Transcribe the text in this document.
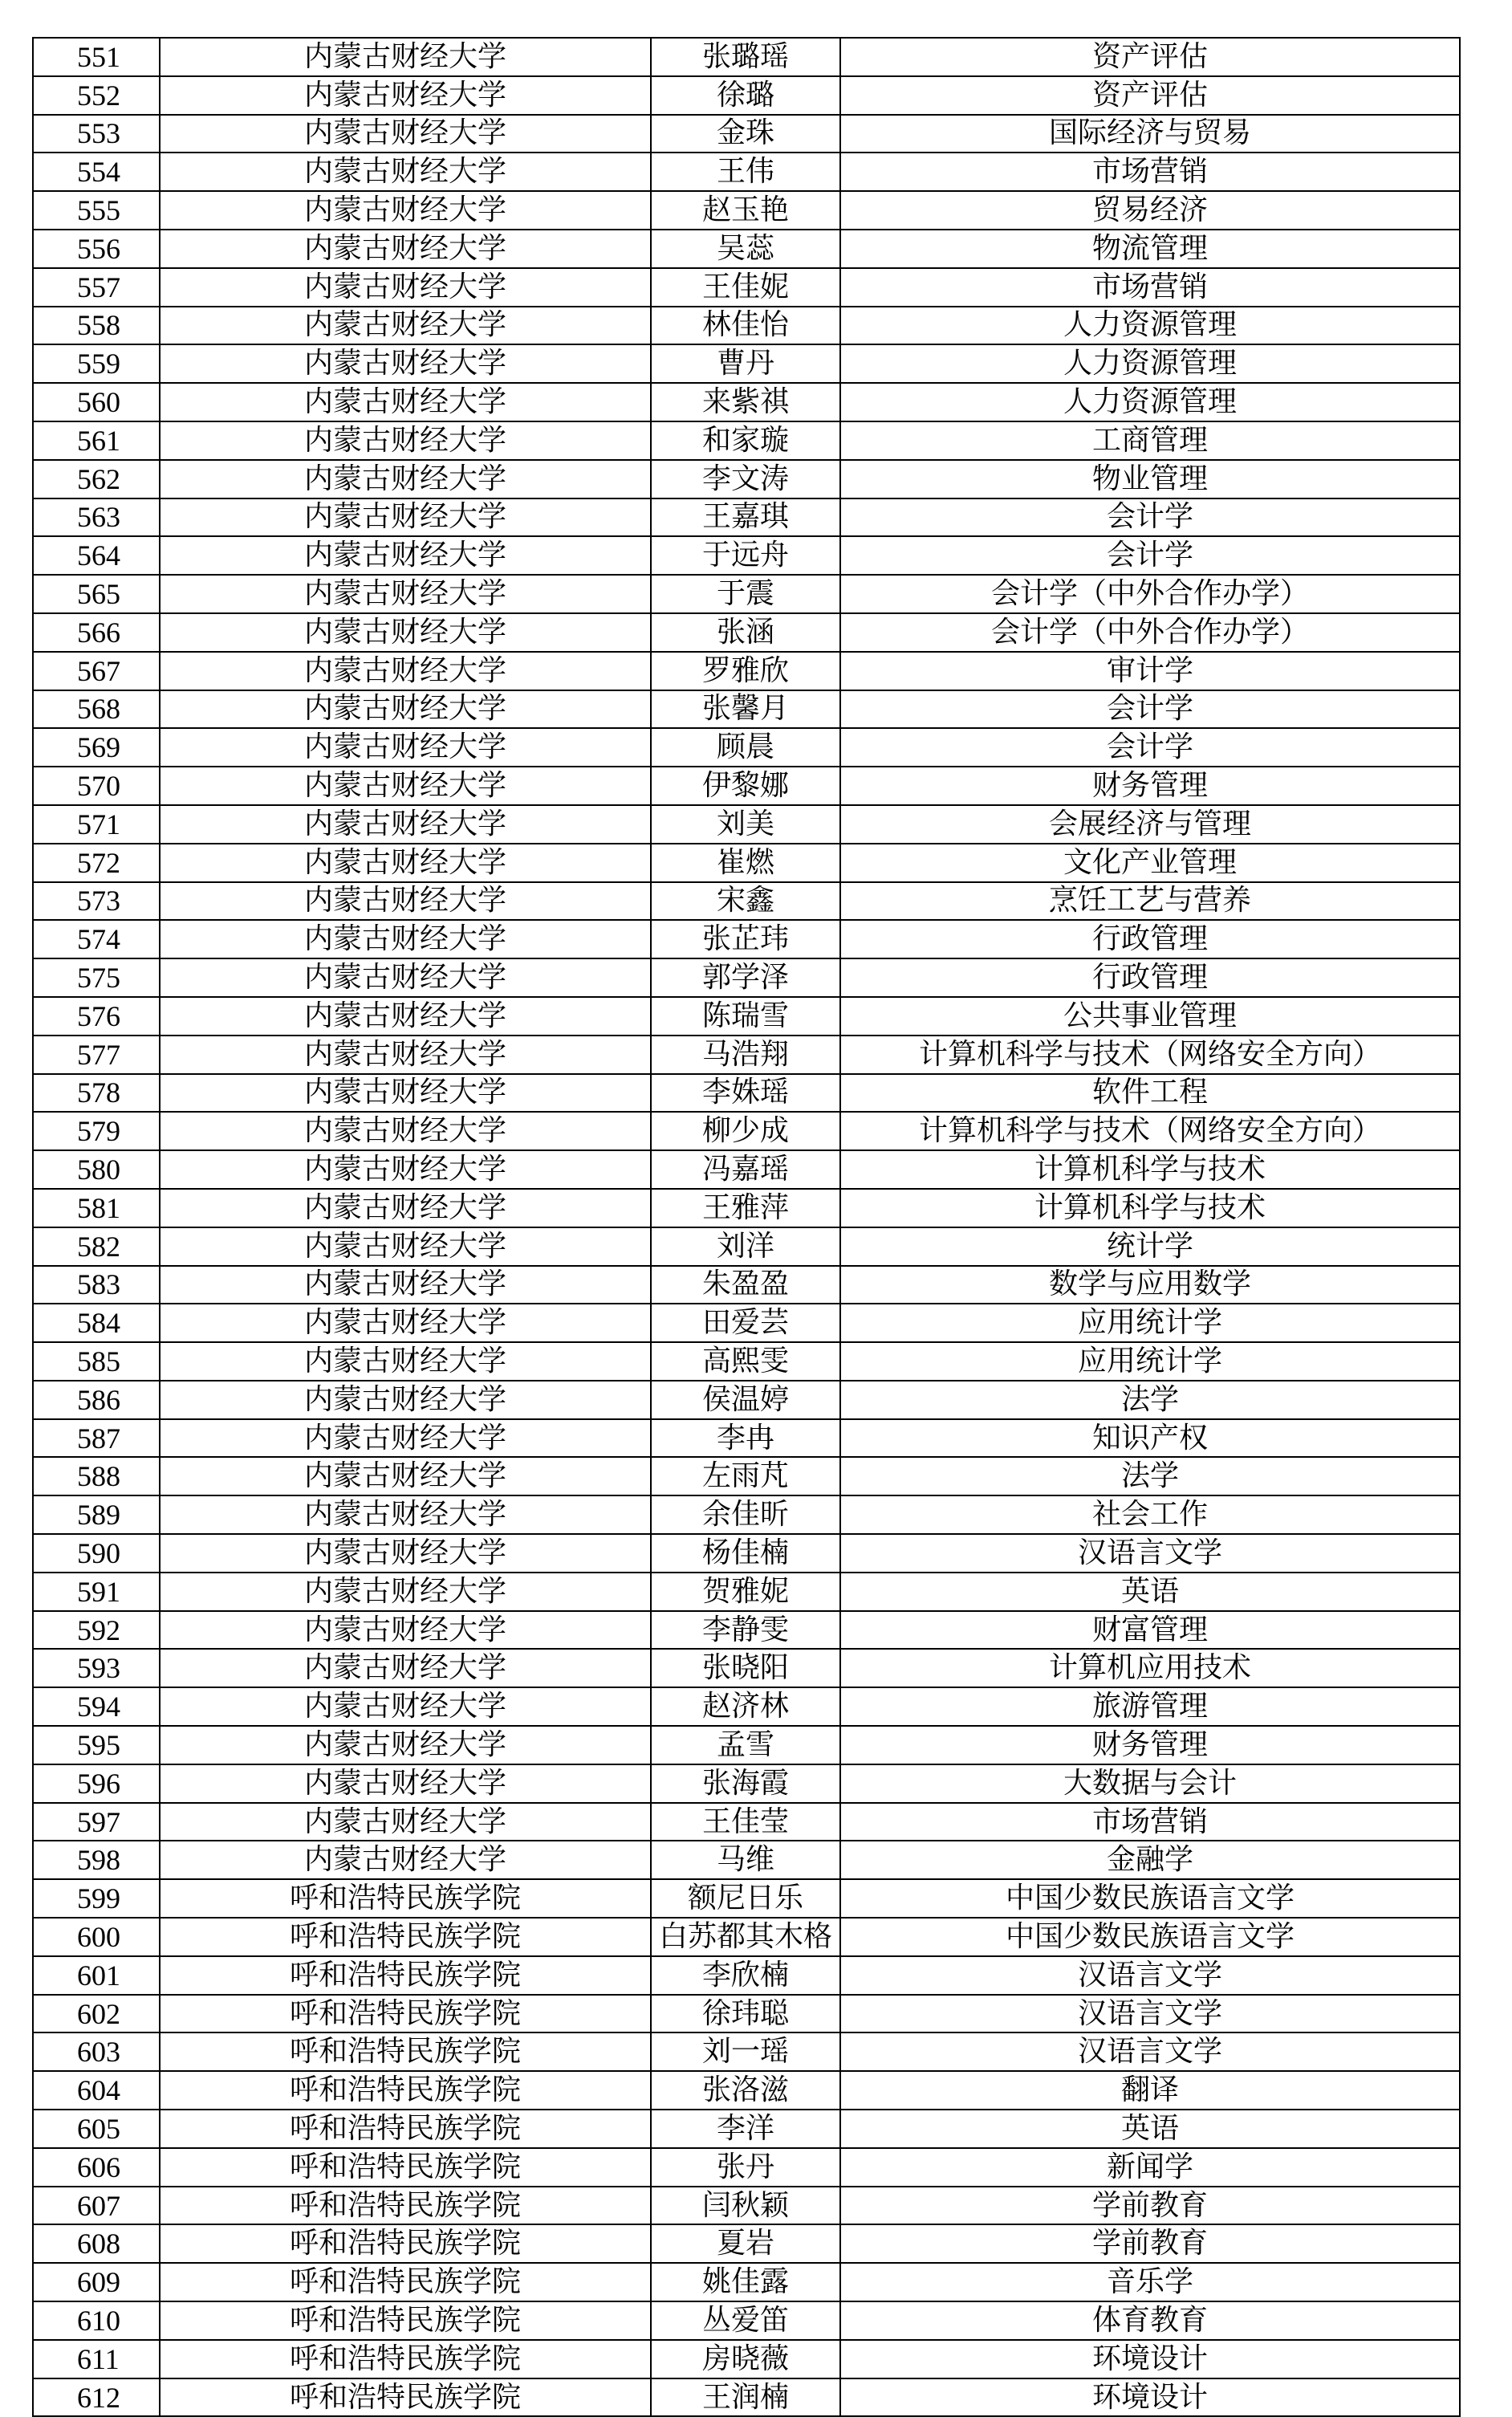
551	内蒙古财经大学	张璐瑶	资产评估
552	内蒙古财经大学	徐璐	资产评估
553	内蒙古财经大学	金珠	国际经济与贸易
554	内蒙古财经大学	王伟	市场营销
555	内蒙古财经大学	赵玉艳	贸易经济
556	内蒙古财经大学	吴蕊	物流管理
557	内蒙古财经大学	王佳妮	市场营销
558	内蒙古财经大学	林佳怡	人力资源管理
559	内蒙古财经大学	曹丹	人力资源管理
560	内蒙古财经大学	来紫祺	人力资源管理
561	内蒙古财经大学	和家璇	工商管理
562	内蒙古财经大学	李文涛	物业管理
563	内蒙古财经大学	王嘉琪	会计学
564	内蒙古财经大学	于远舟	会计学
565	内蒙古财经大学	于震	会计学（中外合作办学）
566	内蒙古财经大学	张涵	会计学（中外合作办学）
567	内蒙古财经大学	罗雅欣	审计学
568	内蒙古财经大学	张馨月	会计学
569	内蒙古财经大学	顾晨	会计学
570	内蒙古财经大学	伊黎娜	财务管理
571	内蒙古财经大学	刘美	会展经济与管理
572	内蒙古财经大学	崔燃	文化产业管理
573	内蒙古财经大学	宋鑫	烹饪工艺与营养
574	内蒙古财经大学	张芷玮	行政管理
575	内蒙古财经大学	郭学泽	行政管理
576	内蒙古财经大学	陈瑞雪	公共事业管理
577	内蒙古财经大学	马浩翔	计算机科学与技术（网络安全方向）
578	内蒙古财经大学	李姝瑶	软件工程
579	内蒙古财经大学	柳少成	计算机科学与技术（网络安全方向）
580	内蒙古财经大学	冯嘉瑶	计算机科学与技术
581	内蒙古财经大学	王雅萍	计算机科学与技术
582	内蒙古财经大学	刘洋	统计学
583	内蒙古财经大学	朱盈盈	数学与应用数学
584	内蒙古财经大学	田爱芸	应用统计学
585	内蒙古财经大学	高熙雯	应用统计学
586	内蒙古财经大学	侯温婷	法学
587	内蒙古财经大学	李冉	知识产权
588	内蒙古财经大学	左雨芃	法学
589	内蒙古财经大学	余佳昕	社会工作
590	内蒙古财经大学	杨佳楠	汉语言文学
591	内蒙古财经大学	贺雅妮	英语
592	内蒙古财经大学	李静雯	财富管理
593	内蒙古财经大学	张晓阳	计算机应用技术
594	内蒙古财经大学	赵济林	旅游管理
595	内蒙古财经大学	孟雪	财务管理
596	内蒙古财经大学	张海霞	大数据与会计
597	内蒙古财经大学	王佳莹	市场营销
598	内蒙古财经大学	马维	金融学
599	呼和浩特民族学院	额尼日乐	中国少数民族语言文学
600	呼和浩特民族学院	白苏都其木格	中国少数民族语言文学
601	呼和浩特民族学院	李欣楠	汉语言文学
602	呼和浩特民族学院	徐玮聪	汉语言文学
603	呼和浩特民族学院	刘一瑶	汉语言文学
604	呼和浩特民族学院	张洛滋	翻译
605	呼和浩特民族学院	李洋	英语
606	呼和浩特民族学院	张丹	新闻学
607	呼和浩特民族学院	闫秋颖	学前教育
608	呼和浩特民族学院	夏岩	学前教育
609	呼和浩特民族学院	姚佳露	音乐学
610	呼和浩特民族学院	丛爱笛	体育教育
611	呼和浩特民族学院	房晓薇	环境设计
612	呼和浩特民族学院	王润楠	环境设计
